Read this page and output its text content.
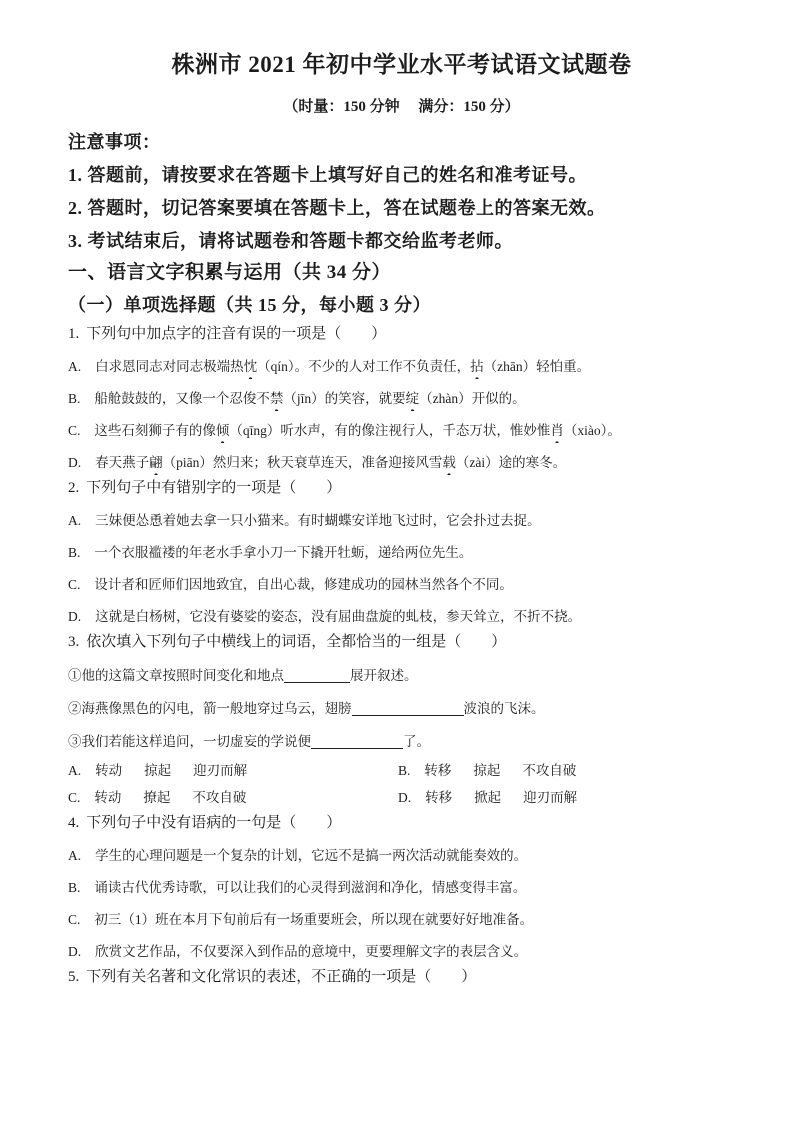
株洲市 2021 年初中学业水平考试语文试题卷

（时量：150 分钟　 满分：150 分）

注意事项：

1. 答题前，请按要求在答题卡上填写好自己的姓名和准考证号。

2. 答题时，切记答案要填在答题卡上，答在试题卷上的答案无效。

3. 考试结束后，请将试题卷和答题卡都交给监考老师。

一、语言文字积累与运用（共 34 分）

（一）单项选择题（共 15 分，每小题 3 分）

1. 下列句中加点字的注音有误的一项是（　　）

A. 白求恩同志对同志极端热忱（qín）。不少的人对工作不负责任，拈（zhān）轻怕重。

B. 船舱鼓鼓的，又像一个忍俊不禁（jīn）的笑容，就要绽（zhàn）开似的。

C. 这些石刻狮子有的像倾（qīng）听水声，有的像注视行人，千态万状，惟妙惟肖（xiào）。

D. 春天燕子翩（piān）然归来；秋天衰草连天，准备迎接风雪载（zài）途的寒冬。

2. 下列句子中有错别字的一项是（　　）

A. 三妹便怂恿着她去拿一只小猫来。有时蝴蝶安详地飞过时，它会扑过去捉。

B. 一个衣服褴褛的年老水手拿小刀一下撬开牡蛎，递给两位先生。

C. 设计者和匠师们因地致宜，自出心裁，修建成功的园林当然各个不同。

D. 这就是白杨树，它没有婆娑的姿态，没有屈曲盘旋的虬枝，参天耸立，不折不挠。

3. 依次填入下列句子中横线上的词语，全都恰当的一组是（　　）

①他的这篇文章按照时间变化和地点	展开叙述。

②海燕像黑色的闪电，箭一般地穿过乌云，翅膀	波浪的飞沫。

③我们若能这样追问，一切虚妄的学说便	了。

A. 转动 掠起 迎刃而解	B. 转移 掠起 不攻自破

C. 转动 撩起 不攻自破	D. 转移 掀起 迎刃而解

4. 下列句子中没有语病的一句是（　　）

A. 学生的心理问题是一个复杂的计划，它远不是搞一两次活动就能奏效的。

B. 诵读古代优秀诗歌，可以让我们的心灵得到滋润和净化，情感变得丰富。

C. 初三（1）班在本月下旬前后有一场重要班会，所以现在就要好好地准备。

D. 欣赏文艺作品，不仅要深入到作品的意境中，更要理解文字的表层含义。

5. 下列有关名著和文化常识的表述，不正确的一项是（　　）
